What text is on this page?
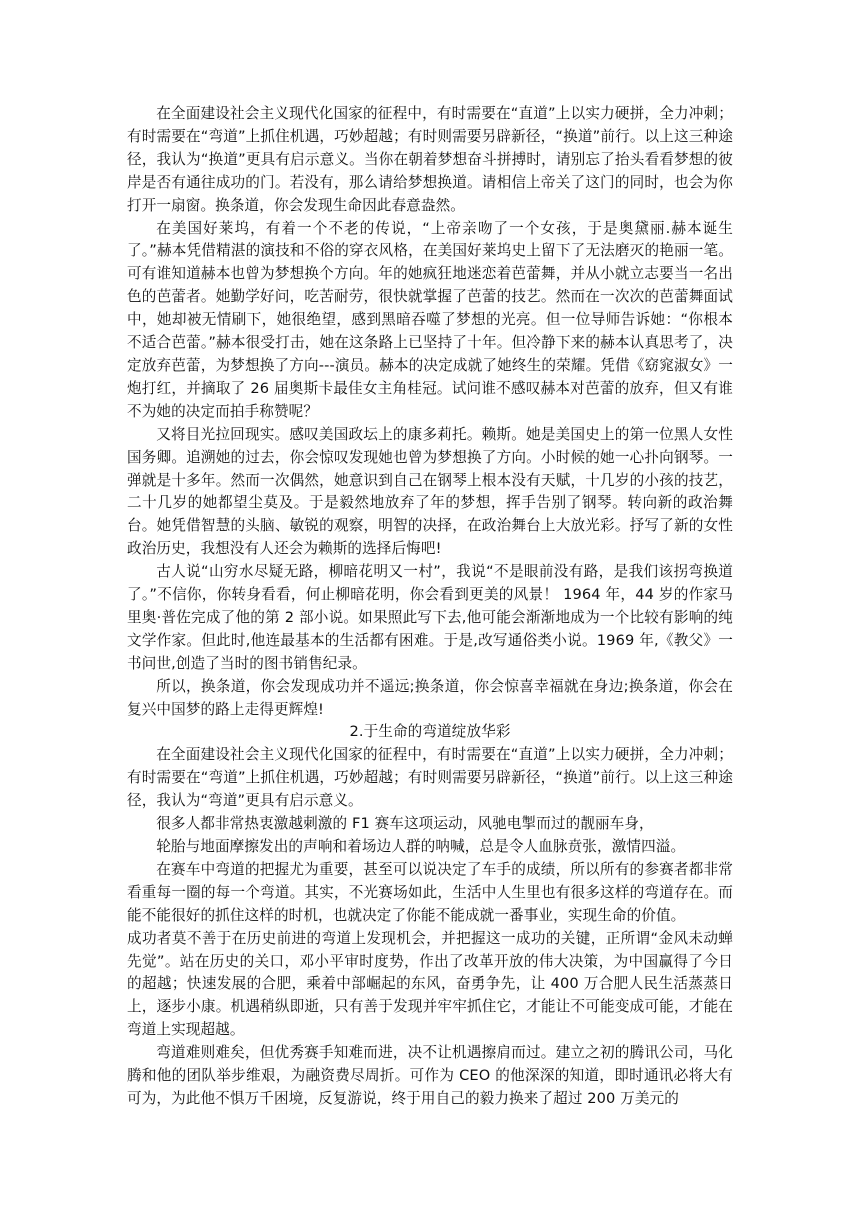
在全面建设社会主义现代化国家的征程中，有时需要在“直道”上以实力硬拼，全力冲刺；有时需要在“弯道”上抓住机遇，巧妙超越；有时则需要另辟新径，“换道”前行。以上这三种途径，我认为“换道”更具有启示意义。当你在朝着梦想奋斗拼搏时，请别忘了抬头看看梦想的彼岸是否有通往成功的门。若没有，那么请给梦想换道。请相信上帝关了这门的同时，也会为你打开一扇窗。换条道，你会发现生命因此春意盎然。

在美国好莱坞，有着一个不老的传说，“上帝亲吻了一个女孩，于是奥黛丽.赫本诞生了。”赫本凭借精湛的演技和不俗的穿衣风格，在美国好莱坞史上留下了无法磨灭的艳丽一笔。可有谁知道赫本也曾为梦想换个方向。年的她疯狂地迷恋着芭蕾舞，并从小就立志要当一名出色的芭蕾者。她勤学好问，吃苦耐劳，很快就掌握了芭蕾的技艺。然而在一次次的芭蕾舞面试中，她却被无情刷下，她很绝望，感到黑暗吞噬了梦想的光亮。但一位导师告诉她：“你根本不适合芭蕾。”赫本很受打击，她在这条路上已坚持了十年。但冷静下来的赫本认真思考了，决定放弃芭蕾，为梦想换了方向---演员。赫本的决定成就了她终生的荣耀。凭借《窈窕淑女》一炮打红，并摘取了 26 届奥斯卡最佳女主角桂冠。试问谁不感叹赫本对芭蕾的放弃，但又有谁不为她的决定而拍手称赞呢？

又将目光拉回现实。感叹美国政坛上的康多莉托。赖斯。她是美国史上的第一位黑人女性国务卿。追溯她的过去，你会惊叹发现她也曾为梦想换了方向。小时候的她一心扑向钢琴。一弹就是十多年。然而一次偶然，她意识到自己在钢琴上根本没有天赋，十几岁的小孩的技艺，二十几岁的她都望尘莫及。于是毅然地放弃了年的梦想，挥手告别了钢琴。转向新的政治舞台。她凭借智慧的头脑、敏锐的观察，明智的决择，在政治舞台上大放光彩。抒写了新的女性政治历史，我想没有人还会为赖斯的选择后悔吧!

古人说“山穷水尽疑无路，柳暗花明又一村”，我说“不是眼前没有路，是我们该拐弯换道了。”不信你，你转身看看，何止柳暗花明，你会看到更美的风景！ 1964 年，44 岁的作家马里奥·普佐完成了他的第 2 部小说。如果照此写下去,他可能会渐渐地成为一个比较有影响的纯文学作家。但此时,他连最基本的生活都有困难。于是,改写通俗类小说。1969 年,《教父》一书问世,创造了当时的图书销售纪录。

所以，换条道，你会发现成功并不遥远;换条道，你会惊喜幸福就在身边;换条道，你会在复兴中国梦的路上走得更辉煌!

2.于生命的弯道绽放华彩

在全面建设社会主义现代化国家的征程中，有时需要在“直道”上以实力硬拼，全力冲刺；有时需要在“弯道”上抓住机遇，巧妙超越；有时则需要另辟新径，“换道”前行。以上这三种途径，我认为“弯道”更具有启示意义。

很多人都非常热衷激越刺激的 F1 赛车这项运动，风驰电掣而过的靓丽车身，

轮胎与地面摩擦发出的声响和着场边人群的呐喊，总是令人血脉贲张，激情四溢。

在赛车中弯道的把握尤为重要，甚至可以说决定了车手的成绩，所以所有的参赛者都非常看重每一圈的每一个弯道。其实，不光赛场如此，生活中人生里也有很多这样的弯道存在。而能不能很好的抓住这样的时机，也就决定了你能不能成就一番事业，实现生命的价值。

成功者莫不善于在历史前进的弯道上发现机会，并把握这一成功的关键，正所谓“金风未动蝉先觉”。站在历史的关口，邓小平审时度势，作出了改革开放的伟大决策，为中国赢得了今日的超越；快速发展的合肥，乘着中部崛起的东风，奋勇争先，让 400 万合肥人民生活蒸蒸日上，逐步小康。机遇稍纵即逝，只有善于发现并牢牢抓住它，才能让不可能变成可能，才能在弯道上实现超越。

弯道难则难矣，但优秀赛手知难而进，决不让机遇擦肩而过。建立之初的腾讯公司，马化腾和他的团队举步维艰，为融资费尽周折。可作为 CEO 的他深深的知道，即时通讯必将大有可为，为此他不惧万千困境，反复游说，终于用自己的毅力换来了超过 200 万美元的
